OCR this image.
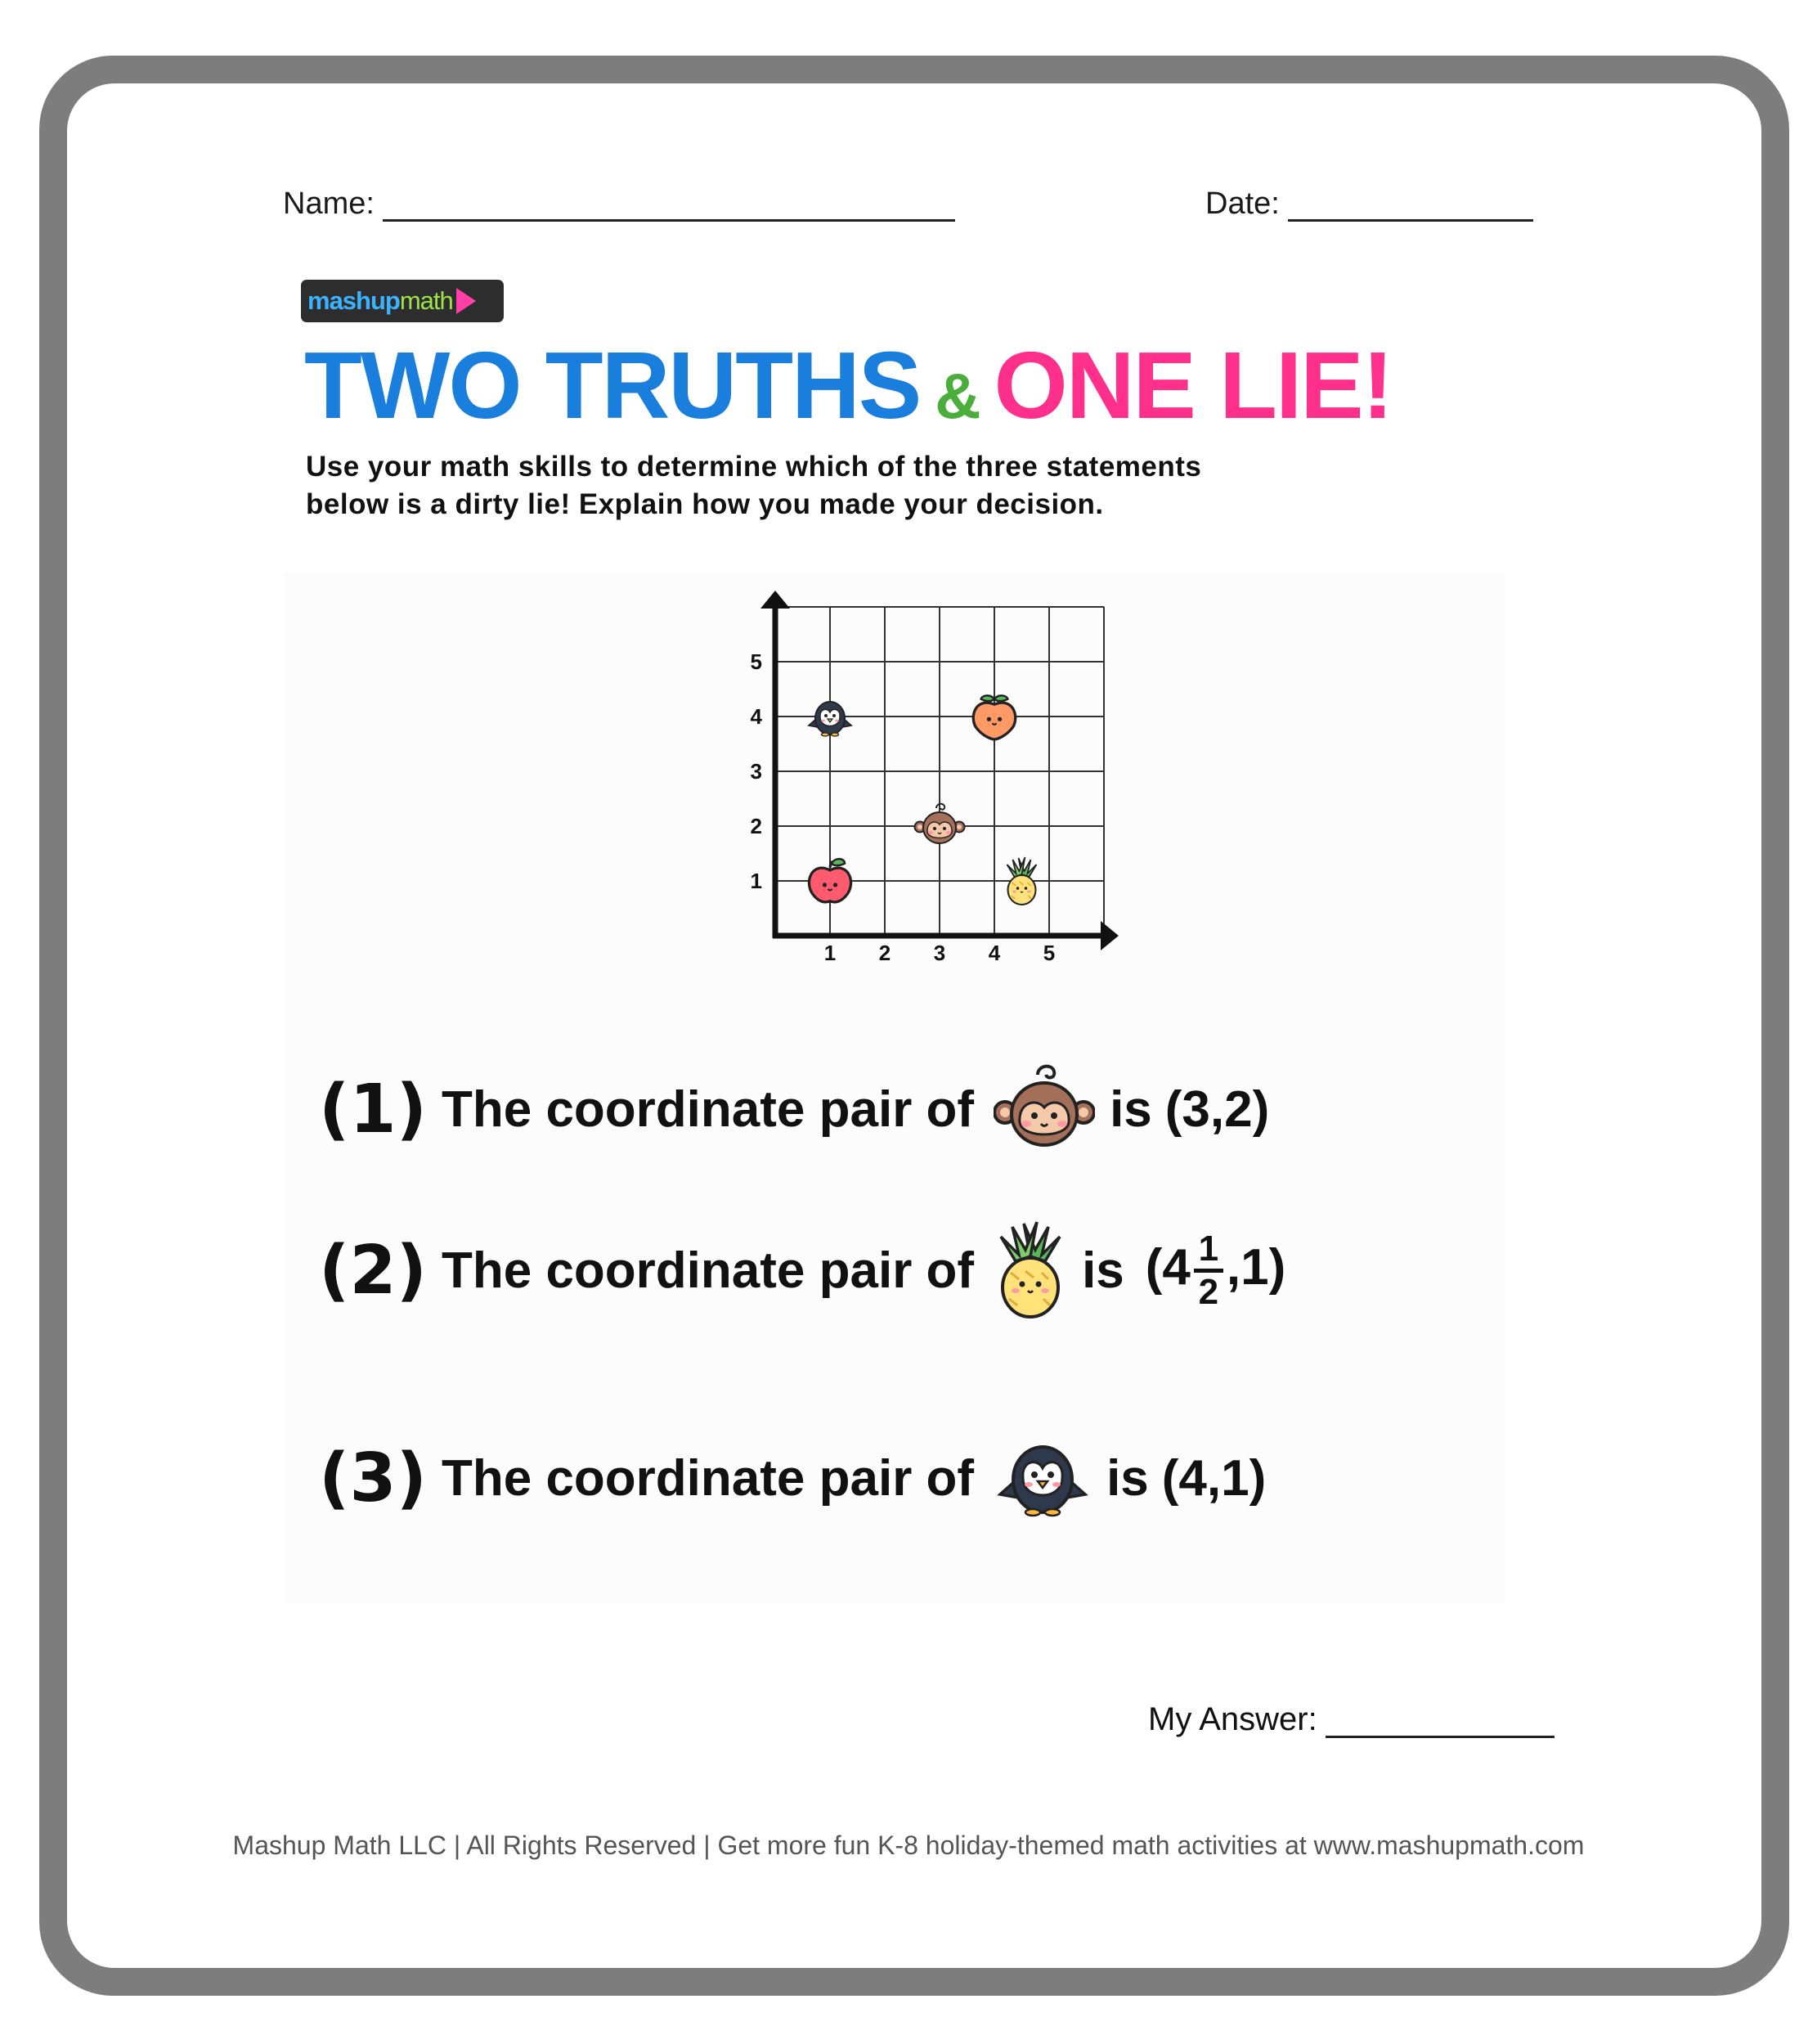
Name:	Date:
mashup math
TWO TRUTHS & ONE LIE!
Use your math skills to determine which of the three statements below is a dirty lie! Explain how you made your decision.
1 2 3 4 5
1
2
3
4
5
(1) The coordinate pair of	is (3,2)
(2) The coordinate pair of is (4 1
2 ,1)
(3) The coordinate pair of	is (4,1)
My Answer:
Mashup Math LLC | All Rights Reserved | Get more fun K-8 holiday-themed math activities at www.mashupmath.com
